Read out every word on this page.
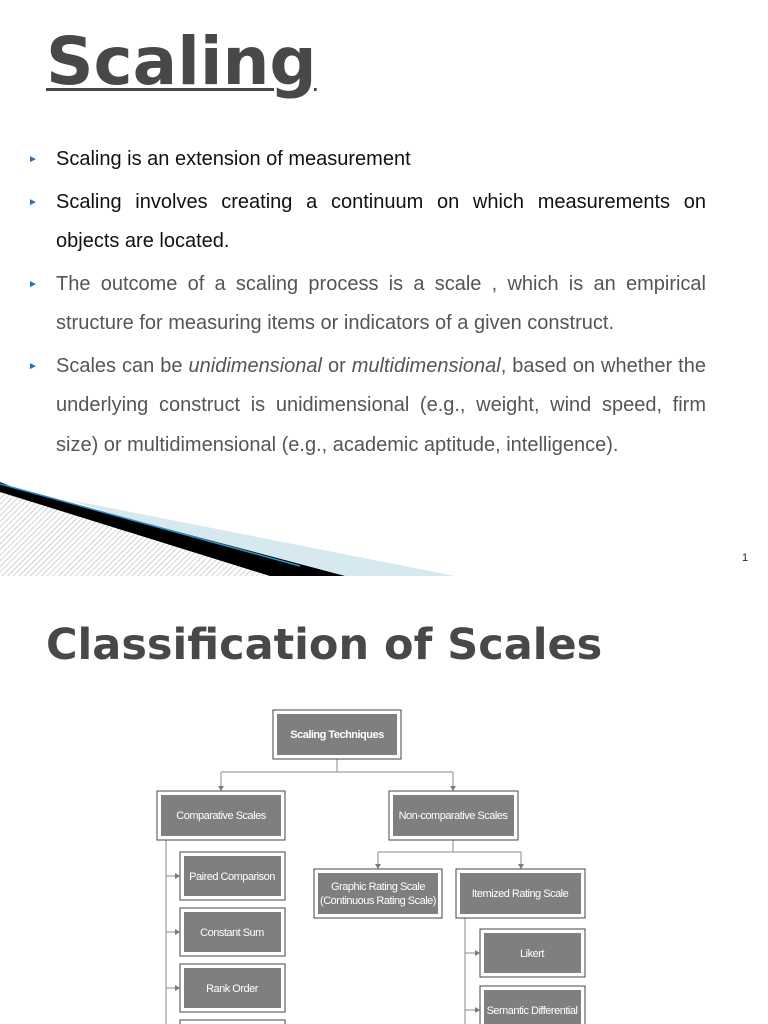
Scaling
► Scaling is an extension of measurement
► Scaling involves creating a continuum on which measurements on objects are located.
► The outcome of a scaling process is a scale , which is an empirical structure for measuring items or indicators of a given construct.
► Scales can be unidimensional or multidimensional, based on whether the underlying construct is unidimensional (e.g., weight, wind speed, firm size) or multidimensional (e.g., academic aptitude, intelligence).
1
Classification of Scales
Scaling Techniques
Comparative Scales	Non-comparative Scales
Paired Comparison
Constant Sum
Rank Order
Graphic Rating Scale
(Continuous Rating Scale)
Itemized Rating Scale
Likert
Semantic Differential
